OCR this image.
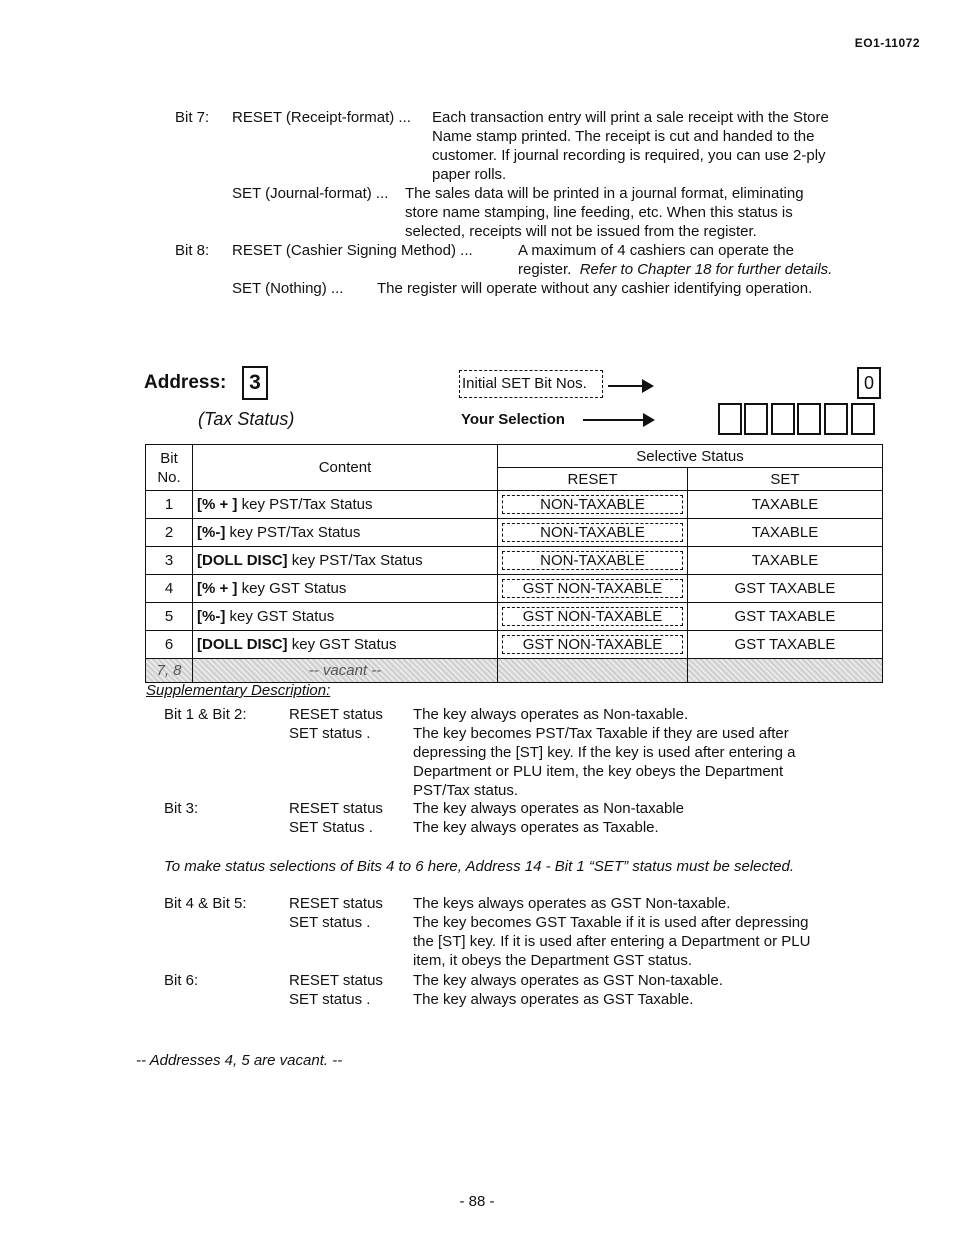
EO1-11072
Bit 7: RESET (Receipt-format) ... Each transaction entry will print a sale receipt with the Store
Name stamp printed. The receipt is cut and handed to the
customer. If journal recording is required, you can use 2-ply
paper rolls.
SET (Journal-format) ... The sales data will be printed in a journal format, eliminating
store name stamping, line feeding, etc. When this status is
selected, receipts will not be issued from the register.
Bit 8: RESET (Cashier Signing Method) ...	A maximum of 4 cashiers can operate the
register. Refer to Chapter 18 for further details.
SET (Nothing) ... The register will operate without any cashier identifying operation.
Address:	3
(Tax Status)
Initial SET Bit Nos.	0
Your Selection
Bit
No.	Content	Selective Status	
		RESET	SET
1	[% + ] key PST/Tax Status	NON-TAXABLE	TAXABLE
2	[%-] key PST/Tax Status	NON-TAXABLE	TAXABLE
3	[DOLL DISC] key PST/Tax Status	NON-TAXABLE	TAXABLE
4	[% + ] key GST Status	GST NON-TAXABLE	GST TAXABLE
5	[%-] key GST Status	GST NON-TAXABLE	GST TAXABLE
6	[DOLL DISC] key GST Status	GST NON-TAXABLE	GST TAXABLE
7, 8	-- vacant --		
Supplementary Description:
Bit 1 & Bit 2:	RESET status The key always operates as Non-taxable.
SET status .	The key becomes PST/Tax Taxable if they are used after
depressing the [ST] key. If the key is used after entering a
Department or PLU item, the key obeys the Department
PST/Tax status.
Bit 3:	RESET status The key always operates as Non-taxable
SET Status .	The key always operates as Taxable.
To make status selections of Bits 4 to 6 here, Address 14 - Bit 1 “SET” status must be selected.
Bit 4 & Bit 5:	RESET status The keys always operates as GST Non-taxable.
SET status .	The key becomes GST Taxable if it is used after depressing
the [ST] key. If it is used after entering a Department or PLU
item, it obeys the Department GST status.
Bit 6:	RESET status The key always operates as GST Non-taxable.
SET status .	The key always operates as GST Taxable.
-- Addresses 4, 5 are vacant. --
- 88 -
